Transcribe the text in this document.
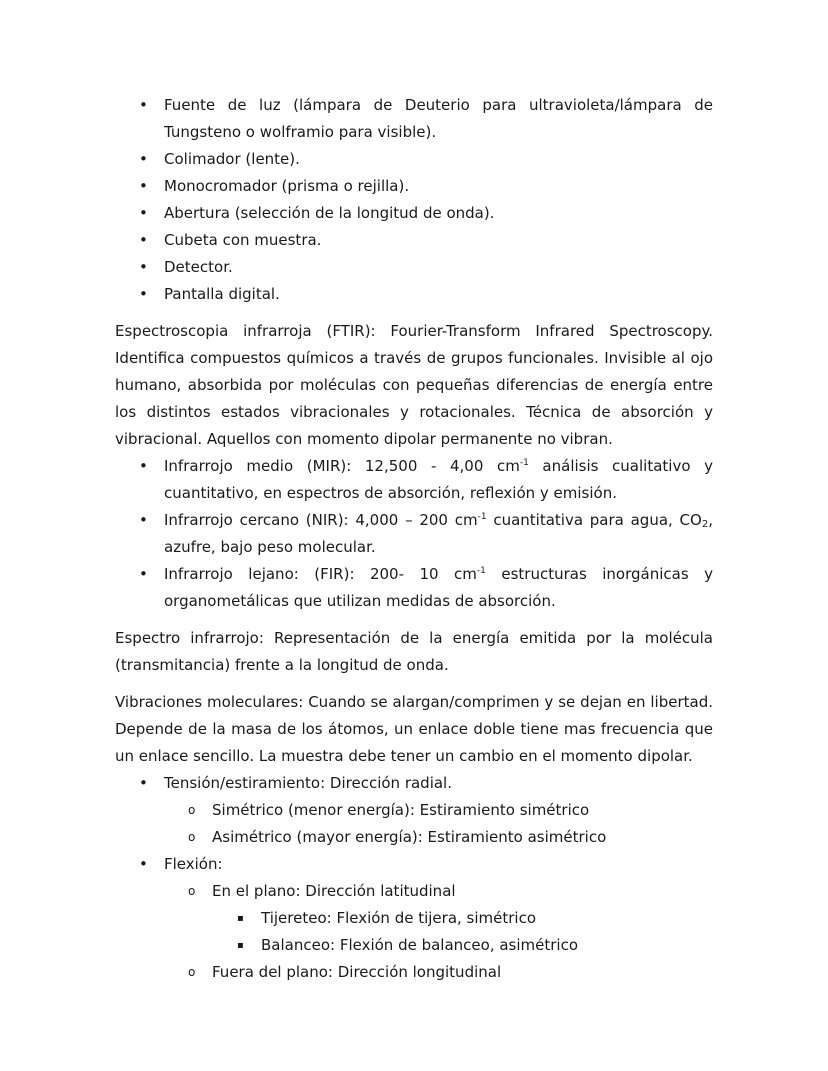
• Fuente de luz (lámpara de Deuterio para ultravioleta/lámpara de Tungsteno o wolframio para visible).
• Colimador (lente).
• Monocromador (prisma o rejilla).
• Abertura (selección de la longitud de onda).
• Cubeta con muestra.
• Detector.
• Pantalla digital.

Espectroscopia infrarroja (FTIR): Fourier-Transform Infrared Spectroscopy. Identifica compuestos químicos a través de grupos funcionales. Invisible al ojo humano, absorbida por moléculas con pequeñas diferencias de energía entre los distintos estados vibracionales y rotacionales. Técnica de absorción y vibracional. Aquellos con momento dipolar permanente no vibran.

• Infrarrojo medio (MIR): 12,500 - 4,00 $cm^{-1}$ análisis cualitativo y cuantitativo, en espectros de absorción, reflexión y emisión.
• Infrarrojo cercano (NIR): 4,000 – 200 $cm^{-1}$ cuantitativa para agua, $CO_2$, azufre, bajo peso molecular.
• Infrarrojo lejano: (FIR): 200- 10 $cm^{-1}$ estructuras inorgánicas y organometálicas que utilizan medidas de absorción.

Espectro infrarrojo: Representación de la energía emitida por la molécula (transmitancia) frente a la longitud de onda.

Vibraciones moleculares: Cuando se alargan/comprimen y se dejan en libertad. Depende de la masa de los átomos, un enlace doble tiene mas frecuencia que un enlace sencillo. La muestra debe tener un cambio en el momento dipolar.

• Tensión/estiramiento: Dirección radial.
o Simétrico (menor energía): Estiramiento simétrico
o Asimétrico (mayor energía): Estiramiento asimétrico
• Flexión:
o En el plano: Dirección latitudinal
▪ Tijereteo: Flexión de tijera, simétrico
▪ Balanceo: Flexión de balanceo, asimétrico
o Fuera del plano: Dirección longitudinal
